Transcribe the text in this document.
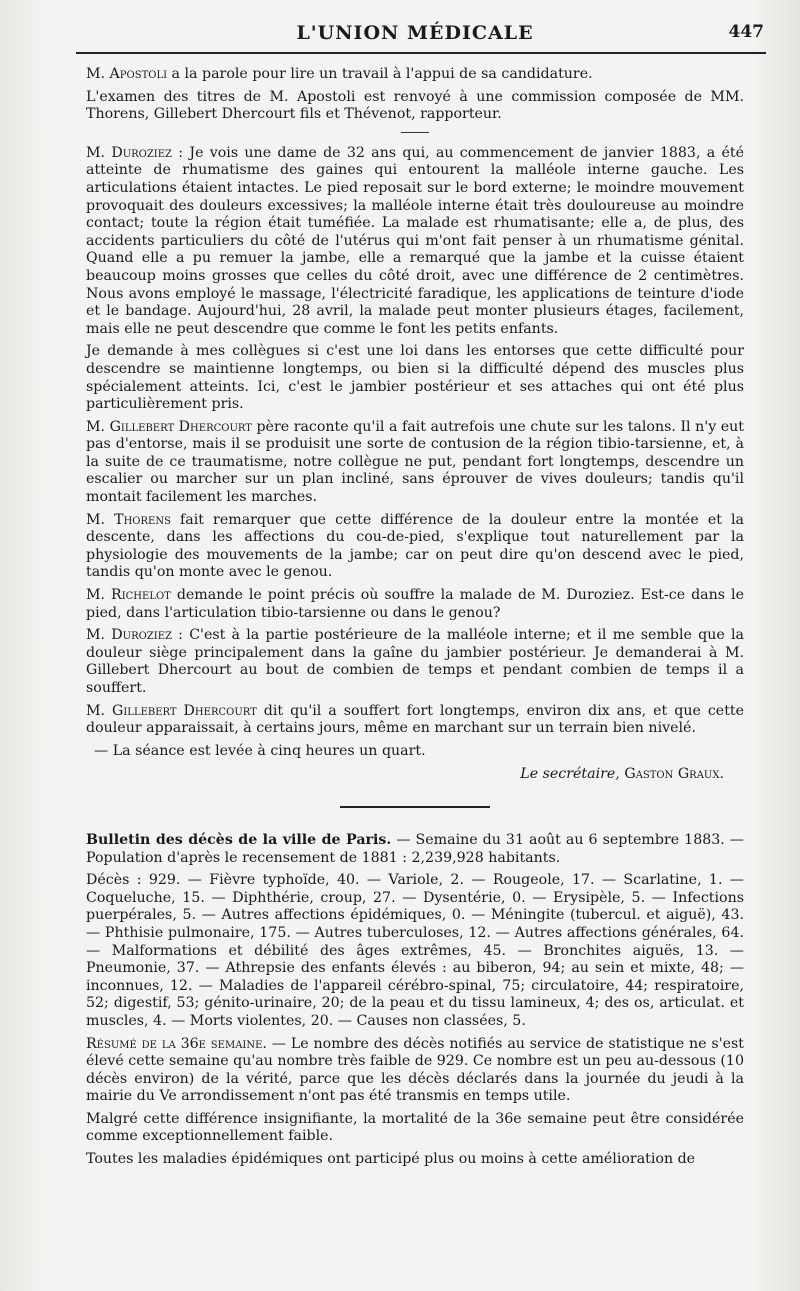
L'UNION MÉDICALE	447

M. Apostoli a la parole pour lire un travail à l'appui de sa candidature.

L'examen des titres de M. Apostoli est renvoyé à une commission composée de MM. Thorens, Gillebert Dhercourt fils et Thévenot, rapporteur.

M. Duroziez : Je vois une dame de 32 ans qui, au commencement de janvier 1883, a été atteinte de rhumatisme des gaines qui entourent la malléole interne gauche. Les articulations étaient intactes. Le pied reposait sur le bord externe; le moindre mouvement provoquait des douleurs excessives; la malléole interne était très douloureuse au moindre contact; toute la région était tuméfiée. La malade est rhumatisante; elle a, de plus, des accidents particuliers du côté de l'utérus qui m'ont fait penser à un rhumatisme génital. Quand elle a pu remuer la jambe, elle a remarqué que la jambe et la cuisse étaient beaucoup moins grosses que celles du côté droit, avec une différence de 2 centimètres. Nous avons employé le massage, l'électricité faradique, les applications de teinture d'iode et le bandage. Aujourd'hui, 28 avril, la malade peut monter plusieurs étages, facilement, mais elle ne peut descendre que comme le font les petits enfants.

Je demande à mes collègues si c'est une loi dans les entorses que cette difficulté pour descendre se maintienne longtemps, ou bien si la difficulté dépend des muscles plus spécialement atteints. Ici, c'est le jambier postérieur et ses attaches qui ont été plus particulièrement pris.

M. Gillebert Dhercourt père raconte qu'il a fait autrefois une chute sur les talons. Il n'y eut pas d'entorse, mais il se produisit une sorte de contusion de la région tibio-tarsienne, et, à la suite de ce traumatisme, notre collègue ne put, pendant fort longtemps, descendre un escalier ou marcher sur un plan incliné, sans éprouver de vives douleurs; tandis qu'il montait facilement les marches.

M. Thorens fait remarquer que cette différence de la douleur entre la montée et la descente, dans les affections du cou-de-pied, s'explique tout naturellement par la physiologie des mouvements de la jambe; car on peut dire qu'on descend avec le pied, tandis qu'on monte avec le genou.

M. Richelot demande le point précis où souffre la malade de M. Duroziez. Est-ce dans le pied, dans l'articulation tibio-tarsienne ou dans le genou?

M. Duroziez : C'est à la partie postérieure de la malléole interne; et il me semble que la douleur siège principalement dans la gaîne du jambier postérieur. Je demanderai à M. Gillebert Dhercourt au bout de combien de temps et pendant combien de temps il a souffert.

M. Gillebert Dhercourt dit qu'il a souffert fort longtemps, environ dix ans, et que cette douleur apparaissait, à certains jours, même en marchant sur un terrain bien nivelé.

— La séance est levée à cinq heures un quart.

Le secrétaire, Gaston Graux.

Bulletin des décès de la ville de Paris. — Semaine du 31 août au 6 septembre 1883. — Population d'après le recensement de 1881 : 2,239,928 habitants.

Décès : 929. — Fièvre typhoïde, 40. — Variole, 2. — Rougeole, 17. — Scarlatine, 1. — Coqueluche, 15. — Diphthérie, croup, 27. — Dysentérie, 0. — Erysipèle, 5. — Infections puerpérales, 5. — Autres affections épidémiques, 0. — Méningite (tubercul. et aiguë), 43. — Phthisie pulmonaire, 175. — Autres tuberculoses, 12. — Autres affections générales, 64. — Malformations et débilité des âges extrêmes, 45. — Bronchites aiguës, 13. — Pneumonie, 37. — Athrepsie des enfants élevés : au biberon, 94; au sein et mixte, 48; — inconnues, 12. — Maladies de l'appareil cérébro-spinal, 75; circulatoire, 44; respiratoire, 52; digestif, 53; génito-urinaire, 20; de la peau et du tissu lamineux, 4; des os, articulat. et muscles, 4. — Morts violentes, 20. — Causes non classées, 5.

Résumé de la 36e semaine. — Le nombre des décès notifiés au service de statistique ne s'est élevé cette semaine qu'au nombre très faible de 929. Ce nombre est un peu au-dessous (10 décès environ) de la vérité, parce que les décès déclarés dans la journée du jeudi à la mairie du Ve arrondissement n'ont pas été transmis en temps utile.

Malgré cette différence insignifiante, la mortalité de la 36e semaine peut être considérée comme exceptionnellement faible.

Toutes les maladies épidémiques ont participé plus ou moins à cette amélioration de
